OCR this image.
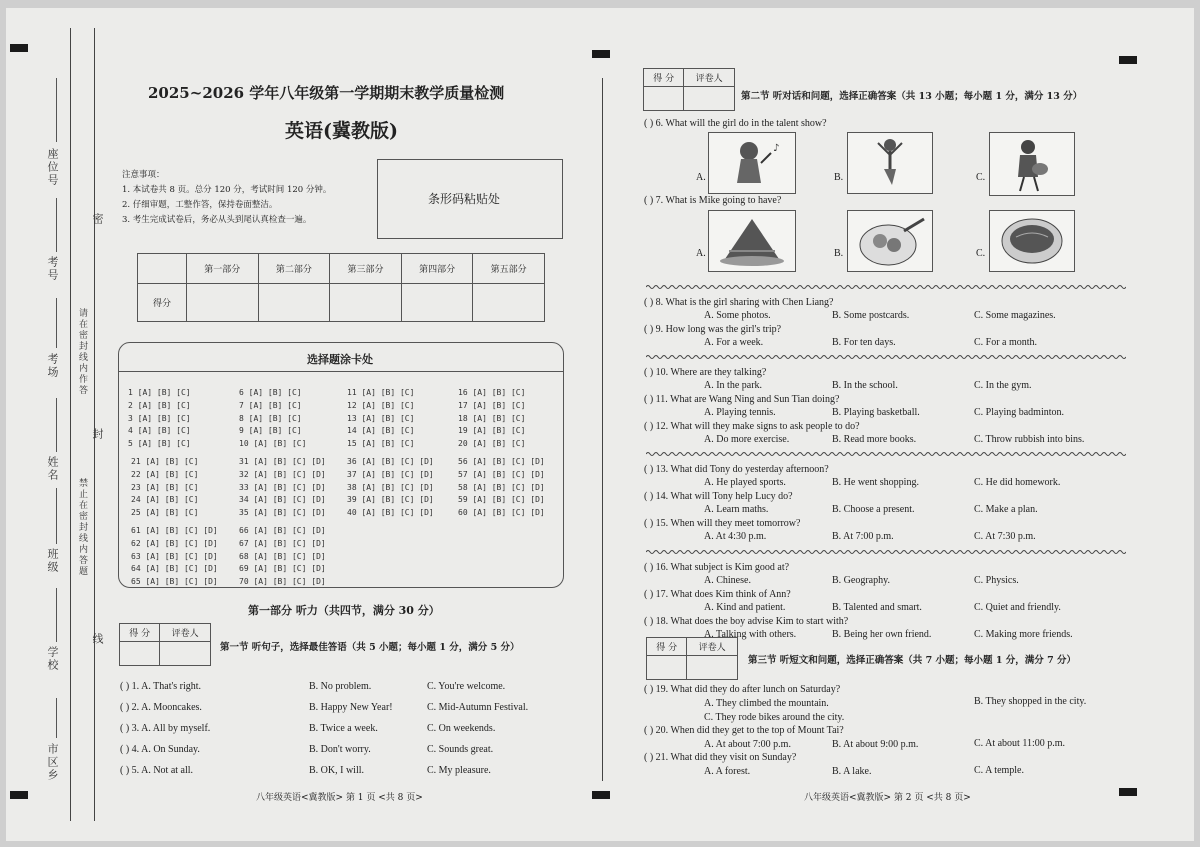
座位号
考号
考场
姓名
班级
学校
市区乡
密
封
线
请在密封线内作答
禁止在密封线内答题
2025~2026 学年八年级第一学期期末教学质量检测
英语(冀教版)
注意事项：
1. 本试卷共 8 页。总分 120 分，考试时间 120 分钟。
2. 仔细审题，工整作答，保持卷面整洁。
3. 考生完成试卷后，务必从头到尾认真检查一遍。
条形码粘贴处
	第一部分	第二部分	第三部分	第四部分	第五部分
得分					
选择题涂卡处
1 [A] [B] [C]	6 [A] [B] [C]	11 [A] [B] [C]	16 [A] [B] [C]
2 [A] [B] [C]	7 [A] [B] [C]	12 [A] [B] [C]	17 [A] [B] [C]
3 [A] [B] [C]	8 [A] [B] [C]	13 [A] [B] [C]	18 [A] [B] [C]
4 [A] [B] [C]	9 [A] [B] [C]	14 [A] [B] [C]	19 [A] [B] [C]
5 [A] [B] [C]	10 [A] [B] [C]	15 [A] [B] [C]	20 [A] [B] [C]
21 [A] [B] [C]	31 [A] [B] [C] [D]	36 [A] [B] [C] [D]	56 [A] [B] [C] [D]
22 [A] [B] [C]	32 [A] [B] [C] [D]	37 [A] [B] [C] [D]	57 [A] [B] [C] [D]
23 [A] [B] [C]	33 [A] [B] [C] [D]	38 [A] [B] [C] [D]	58 [A] [B] [C] [D]
24 [A] [B] [C]	34 [A] [B] [C] [D]	39 [A] [B] [C] [D]	59 [A] [B] [C] [D]
25 [A] [B] [C]	35 [A] [B] [C] [D]	40 [A] [B] [C] [D]	60 [A] [B] [C] [D]
61 [A] [B] [C] [D]	66 [A] [B] [C] [D]
62 [A] [B] [C] [D]	67 [A] [B] [C] [D]
63 [A] [B] [C] [D]	68 [A] [B] [C] [D]
64 [A] [B] [C] [D]	69 [A] [B] [C] [D]
65 [A] [B] [C] [D]	70 [A] [B] [C] [D]
第一部分 听力（共四节，满分 30 分）
得 分	评卷人

第一节 听句子，选择最佳答语（共 5 小题；每小题 1 分，满分 5 分）
( ) 1. A. That's right.	B. No problem.	C. You're welcome.
( ) 2. A. Mooncakes.	B. Happy New Year!	C. Mid-Autumn Festival.
( ) 3. A. All by myself.	B. Twice a week.	C. On weekends.
( ) 4. A. On Sunday.	B. Don't worry.	C. Sounds great.
( ) 5. A. Not at all.	B. OK, I will.	C. My pleasure.
八年级英语<冀教版> 第 1 页 <共 8 页>
得 分	评卷人

第二节 听对话和问题，选择正确答案（共 13 小题；每小题 1 分，满分 13 分）
( ) 6. What will the girl do in the talent show?
A.
♪
B.	C.
( ) 7. What is Mike going to have?
A.	B.	C.
( ) 8. What is the girl sharing with Chen Liang?
A. Some photos.	B. Some postcards.	C. Some magazines.
( ) 9. How long was the girl's trip?
A. For a week.	B. For ten days.	C. For a month.
( ) 10. Where are they talking?
A. In the park.	B. In the school.	C. In the gym.
( ) 11. What are Wang Ning and Sun Tian doing?
A. Playing tennis.	B. Playing basketball.	C. Playing badminton.
( ) 12. What will they make signs to ask people to do?
A. Do more exercise.	B. Read more books.	C. Throw rubbish into bins.
( ) 13. What did Tony do yesterday afternoon?
A. He played sports.	B. He went shopping.	C. He did homework.
( ) 14. What will Tony help Lucy do?
A. Learn maths.	B. Choose a present.	C. Make a plan.
( ) 15. When will they meet tomorrow?
A. At 4:30 p.m.	B. At 7:00 p.m.	C. At 7:30 p.m.
( ) 16. What subject is Kim good at?
A. Chinese.	B. Geography.	C. Physics.
( ) 17. What does Kim think of Ann?
A. Kind and patient.	B. Talented and smart.	C. Quiet and friendly.
( ) 18. What does the boy advise Kim to start with?
A. Talking with others.	B. Being her own friend.	C. Making more friends.
得 分	评卷人

第三节 听短文和问题，选择正确答案（共 7 小题；每小题 1 分，满分 7 分）
( ) 19. What did they do after lunch on Saturday?
A. They climbed the mountain.	B. They shopped in the city.
C. They rode bikes around the city.
( ) 20. When did they get to the top of Mount Tai?
A. At about 7:00 p.m.	B. At about 9:00 p.m.	C. At about 11:00 p.m.
( ) 21. What did they visit on Sunday?
A. A forest.	B. A lake.	C. A temple.
八年级英语<冀教版> 第 2 页 <共 8 页>
